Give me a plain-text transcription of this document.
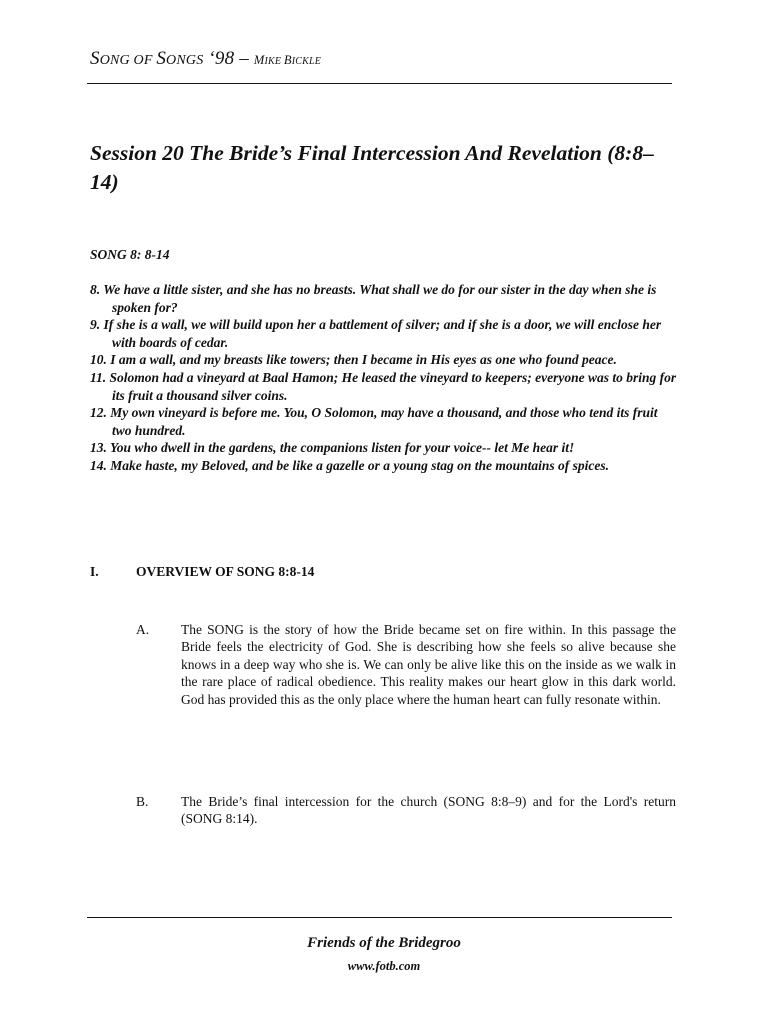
SONG OF SONGS ‘98 – MIKE BICKLE
Session 20 The Bride’s Final Intercession And Revelation (8:8–14)
SONG 8: 8-14
8. We have a little sister, and she has no breasts. What shall we do for our sister in the day when she is spoken for?
9. If she is a wall, we will build upon her a battlement of silver; and if she is a door, we will enclose her with boards of cedar.
10. I am a wall, and my breasts like towers; then I became in His eyes as one who found peace.
11. Solomon had a vineyard at Baal Hamon; He leased the vineyard to keepers; everyone was to bring for its fruit a thousand silver coins.
12. My own vineyard is before me. You, O Solomon, may have a thousand, and those who tend its fruit two hundred.
13. You who dwell in the gardens, the companions listen for your voice-- let Me hear it!
14. Make haste, my Beloved, and be like a gazelle or a young stag on the mountains of spices.
I.	OVERVIEW OF SONG 8:8-14
A. The SONG is the story of how the Bride became set on fire within. In this passage the Bride feels the electricity of God. She is describing how she feels so alive because she knows in a deep way who she is. We can only be alive like this on the inside as we walk in the rare place of radical obedience. This reality makes our heart glow in this dark world. God has provided this as the only place where the human heart can fully resonate within.
B. The Bride’s final intercession for the church (SONG 8:8–9) and for the Lord's return (SONG 8:14).
Friends of the Bridegroo
www.fotb.com
